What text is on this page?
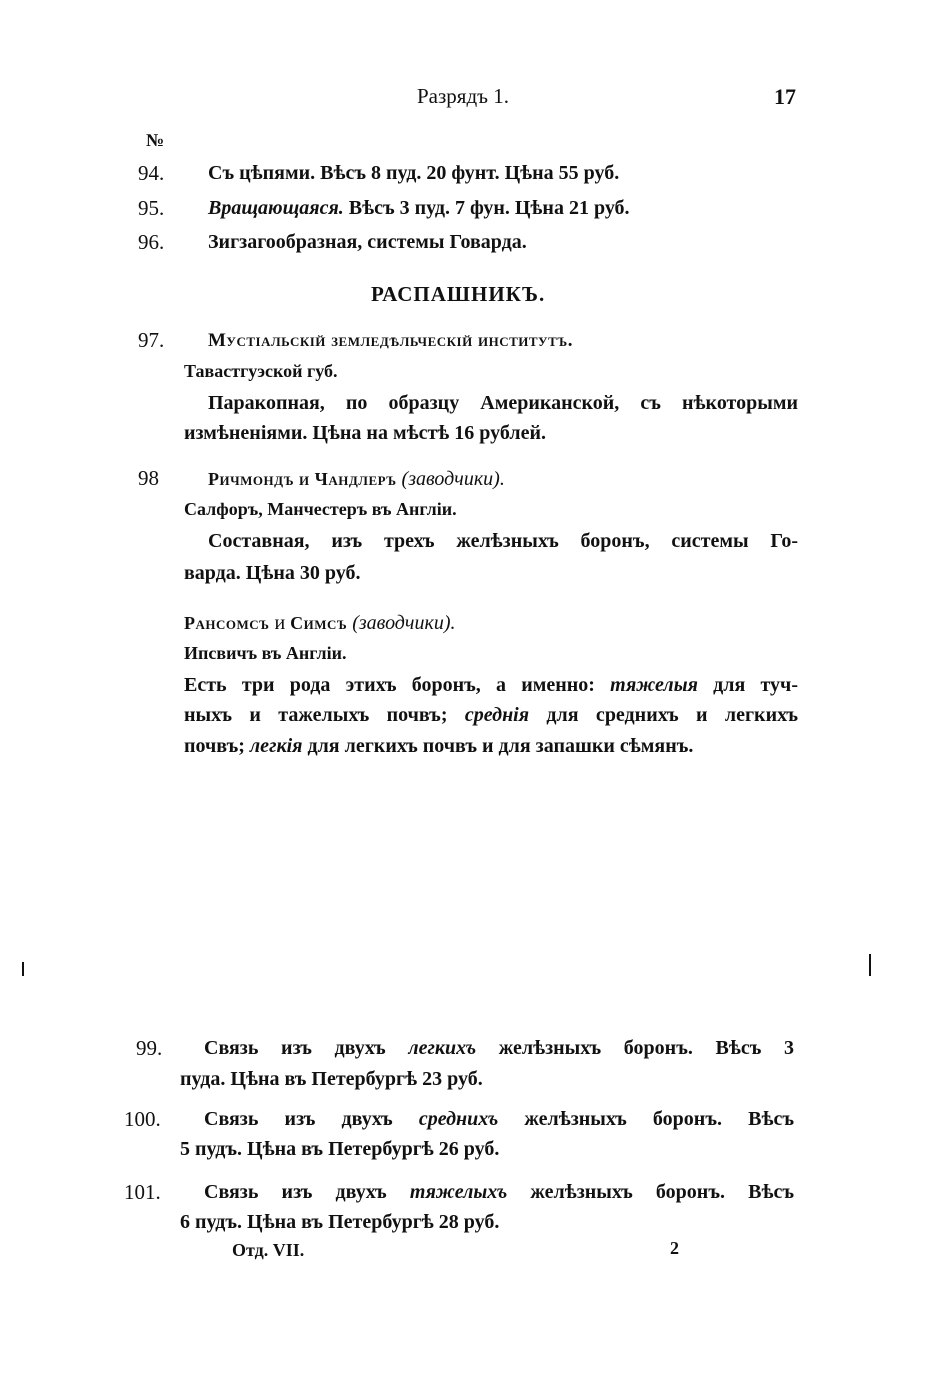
Разрядъ 1.	17
№
94. Съ цѣпями. Вѣсъ 8 пуд. 20 фунт. Цѣна 55 руб.
95. Вращающаяся. Вѣсъ 3 пуд. 7 фун. Цѣна 21 руб.
96. Зигзагообразная, системы Говарда.
РАСПАШНИКЪ.
97. Мустіальскій земледѣльческій институтъ.
Тавастгуэской губ.
Паракопная, по образцу Американской, съ нѣкоторыми
измѣненіями. Цѣна на мѣстѣ 16 рублей.
98	Ричмондъ и Чандлеръ (заводчики).
Салфоръ, Манчестеръ въ Англіи.
Составная, изъ трехъ желѣзныхъ боронъ, системы Го-
варда. Цѣна 30 руб.
Рансомсъ и Симсъ (заводчики).
Ипсвичъ въ Англіи.
Есть три рода этихъ боронъ, а именно: тяжелыя для туч-
ныхъ и тажелыхъ почвъ; среднія для среднихъ и легкихъ
почвъ; легкія для легкихъ почвъ и для запашки сѣмянъ.
99. Связь изъ двухъ легкихъ желѣзныхъ боронъ. Вѣсъ 3
пуда. Цѣна въ Петербургѣ 23 руб.
100. Связь изъ двухъ среднихъ желѣзныхъ боронъ. Вѣсъ
5 пудъ. Цѣна въ Петербургѣ 26 руб.
101. Связь изъ двухъ тяжелыхъ желѣзныхъ боронъ. Вѣсъ
6 пудъ. Цѣна въ Петербургѣ 28 руб.
Отд. VII.	2
